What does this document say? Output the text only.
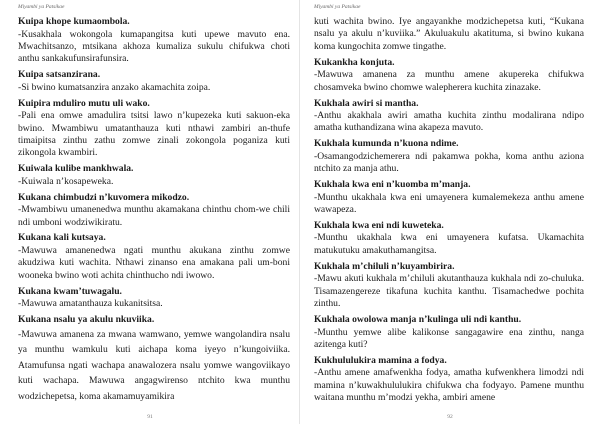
Miyambi ya Patsikae
Kuipa khope kumaombola.
-Kusakhala wokongola kumapangitsa kuti upewe mavuto ena. Mwachitsanzo, mtsikana akhoza kumaliza sukulu chifukwa choti anthu sankakufunsirafunsira.
Kuipa satsanzirana.
-Si bwino kumatsanzira anzako akamachita zoipa.
Kuipira mduliro mutu uli wako.
-Pali ena omwe amadulira tsitsi lawo n’kupezeka kuti sakuon-eka bwino. Mwambiwu umatanthauza kuti nthawi zambiri an-thufe timaipitsa zinthu zathu zomwe zinali zokongola poganiza kuti zikongola kwambiri.
Kuiwala kulibe mankhwala.
-Kuiwala n’kosapeweka.
Kukana chimbudzi n’kuvomera mikodzo.
-Mwambiwu umanenedwa munthu akamakana chinthu chom-we chili ndi umboni wodziwikiratu.
Kukana kali kutsaya.
-Mawuwa amanenedwa ngati munthu akukana zinthu zomwe akudziwa kuti wachita. Nthawi zinanso ena amakana pali um-boni wooneka bwino woti achita chinthucho ndi iwowo.
Kukana kwam’tuwagalu.
-Mawuwa amatanthauza kukanitsitsa.
Kukana nsalu ya akulu nkuviika.
-Mawuwa amanena za mwana wamwano, yemwe wangolandira nsalu ya munthu wamkulu kuti aichapa koma iyeyo n’kungoiviika. Atamufunsa ngati wachapa anawalozera nsalu yomwe wangoviikayo kuti wachapa. Mawuwa angagwirenso ntchito kwa munthu wodzichepetsa, koma akamamuyamikira
91
Miyambi ya Patsikae
kuti wachita bwino. Iye angayankhe modzichepetsa kuti, “Kukana nsalu ya akulu n’kuviika.” Akuluakulu akatituma, si bwino kukana koma kungochita zomwe tingathe.
Kukankha konjuta.
-Mawuwa amanena za munthu amene akupereka chifukwa chosamveka bwino chomwe walepherera kuchita zinazake.
Kukhala awiri si mantha.
-Anthu akakhala awiri amatha kuchita zinthu modalirana ndipo amatha kuthandizana wina akapeza mavuto.
Kukhala kumunda n’kuona ndime.
-Osamangodzichemerera ndi pakamwa pokha, koma anthu aziona ntchito za manja athu.
Kukhala kwa eni n’kuomba m’manja.
-Munthu ukakhala kwa eni umayenera kumalemekeza anthu amene wawapeza.
Kukhala kwa eni ndi kuweteka.
-Munthu ukakhala kwa eni umayenera kufatsa. Ukamachita matukutuku amakuthamangitsa.
Kukhala m’chiluli n’kuyambirira.
-Mawu akuti kukhala m’chiluli akutanthauza kukhala ndi zo-chuluka. Tisamazengereze tikafuna kuchita kanthu. Tisamachedwe pochita zinthu.
Kukhala owolowa manja n’kulinga uli ndi kanthu.
-Munthu yemwe alibe kalikonse sangagawire ena zinthu, nanga azitenga kuti?
Kukhululukira mamina a fodya.
-Anthu amene amafwenkha fodya, amatha kufwenkhera limodzi ndi mamina n’kuwakhululukira chifukwa cha fodyayo. Pamene munthu waitana munthu m’modzi yekha, ambiri amene
92
